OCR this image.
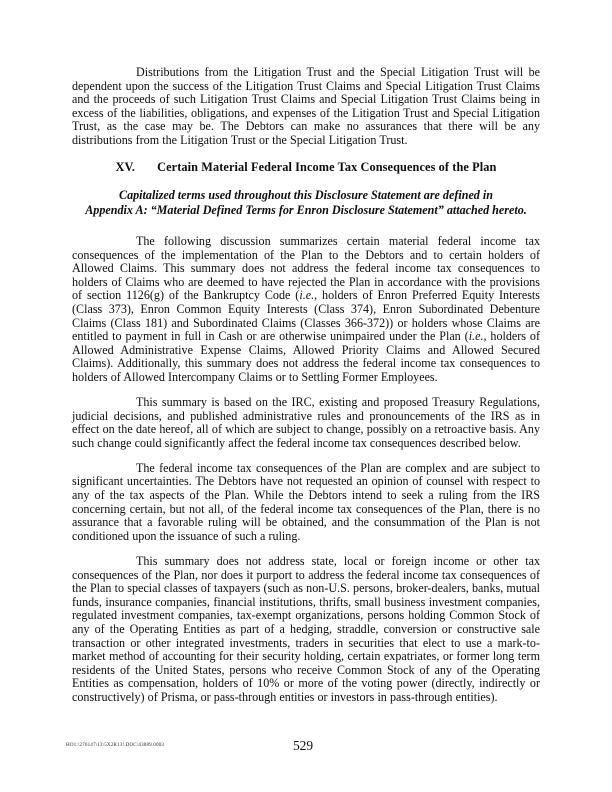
Distributions from the Litigation Trust and the Special Litigation Trust will be dependent upon the success of the Litigation Trust Claims and Special Litigation Trust Claims and the proceeds of such Litigation Trust Claims and Special Litigation Trust Claims being in excess of the liabilities, obligations, and expenses of the Litigation Trust and Special Litigation Trust, as the case may be. The Debtors can make no assurances that there will be any distributions from the Litigation Trust or the Special Litigation Trust.

XV. Certain Material Federal Income Tax Consequences of the Plan
Capitalized terms used throughout this Disclosure Statement are defined in
Appendix A: “Material Defined Terms for Enron Disclosure Statement” attached hereto.

The following discussion summarizes certain material federal income tax consequences of the implementation of the Plan to the Debtors and to certain holders of Allowed Claims. This summary does not address the federal income tax consequences to holders of Claims who are deemed to have rejected the Plan in accordance with the provisions of section 1126(g) of the Bankruptcy Code (i.e., holders of Enron Preferred Equity Interests (Class 373), Enron Common Equity Interests (Class 374), Enron Subordinated Debenture Claims (Class 181) and Subordinated Claims (Classes 366-372)) or holders whose Claims are entitled to payment in full in Cash or are otherwise unimpaired under the Plan (i.e., holders of Allowed Administrative Expense Claims, Allowed Priority Claims and Allowed Secured Claims). Additionally, this summary does not address the federal income tax consequences to holders of Allowed Intercompany Claims or to Settling Former Employees.

This summary is based on the IRC, existing and proposed Treasury Regulations, judicial decisions, and published administrative rules and pronouncements of the IRS as in effect on the date hereof, all of which are subject to change, possibly on a retroactive basis. Any such change could significantly affect the federal income tax consequences described below.

The federal income tax consequences of the Plan are complex and are subject to significant uncertainties. The Debtors have not requested an opinion of counsel with respect to any of the tax aspects of the Plan. While the Debtors intend to seek a ruling from the IRS concerning certain, but not all, of the federal income tax consequences of the Plan, there is no assurance that a favorable ruling will be obtained, and the consummation of the Plan is not conditioned upon the issuance of such a ruling.

This summary does not address state, local or foreign income or other tax consequences of the Plan, nor does it purport to address the federal income tax consequences of the Plan to special classes of taxpayers (such as non-U.S. persons, broker-dealers, banks, mutual funds, insurance companies, financial institutions, thrifts, small business investment companies, regulated investment companies, tax-exempt organizations, persons holding Common Stock of any of the Operating Entities as part of a hedging, straddle, conversion or constructive sale transaction or other integrated investments, traders in securities that elect to use a mark-to-market method of accounting for their security holding, certain expatriates, or former long term residents of the United States, persons who receive Common Stock of any of the Operating Entities as compensation, holders of 10% or more of the voting power (directly, indirectly or constructively) of Prisma, or pass-through entities or investors in pass-through entities).

HO1:\276147\13\5X2R13!.DOC\43889.0003	529
